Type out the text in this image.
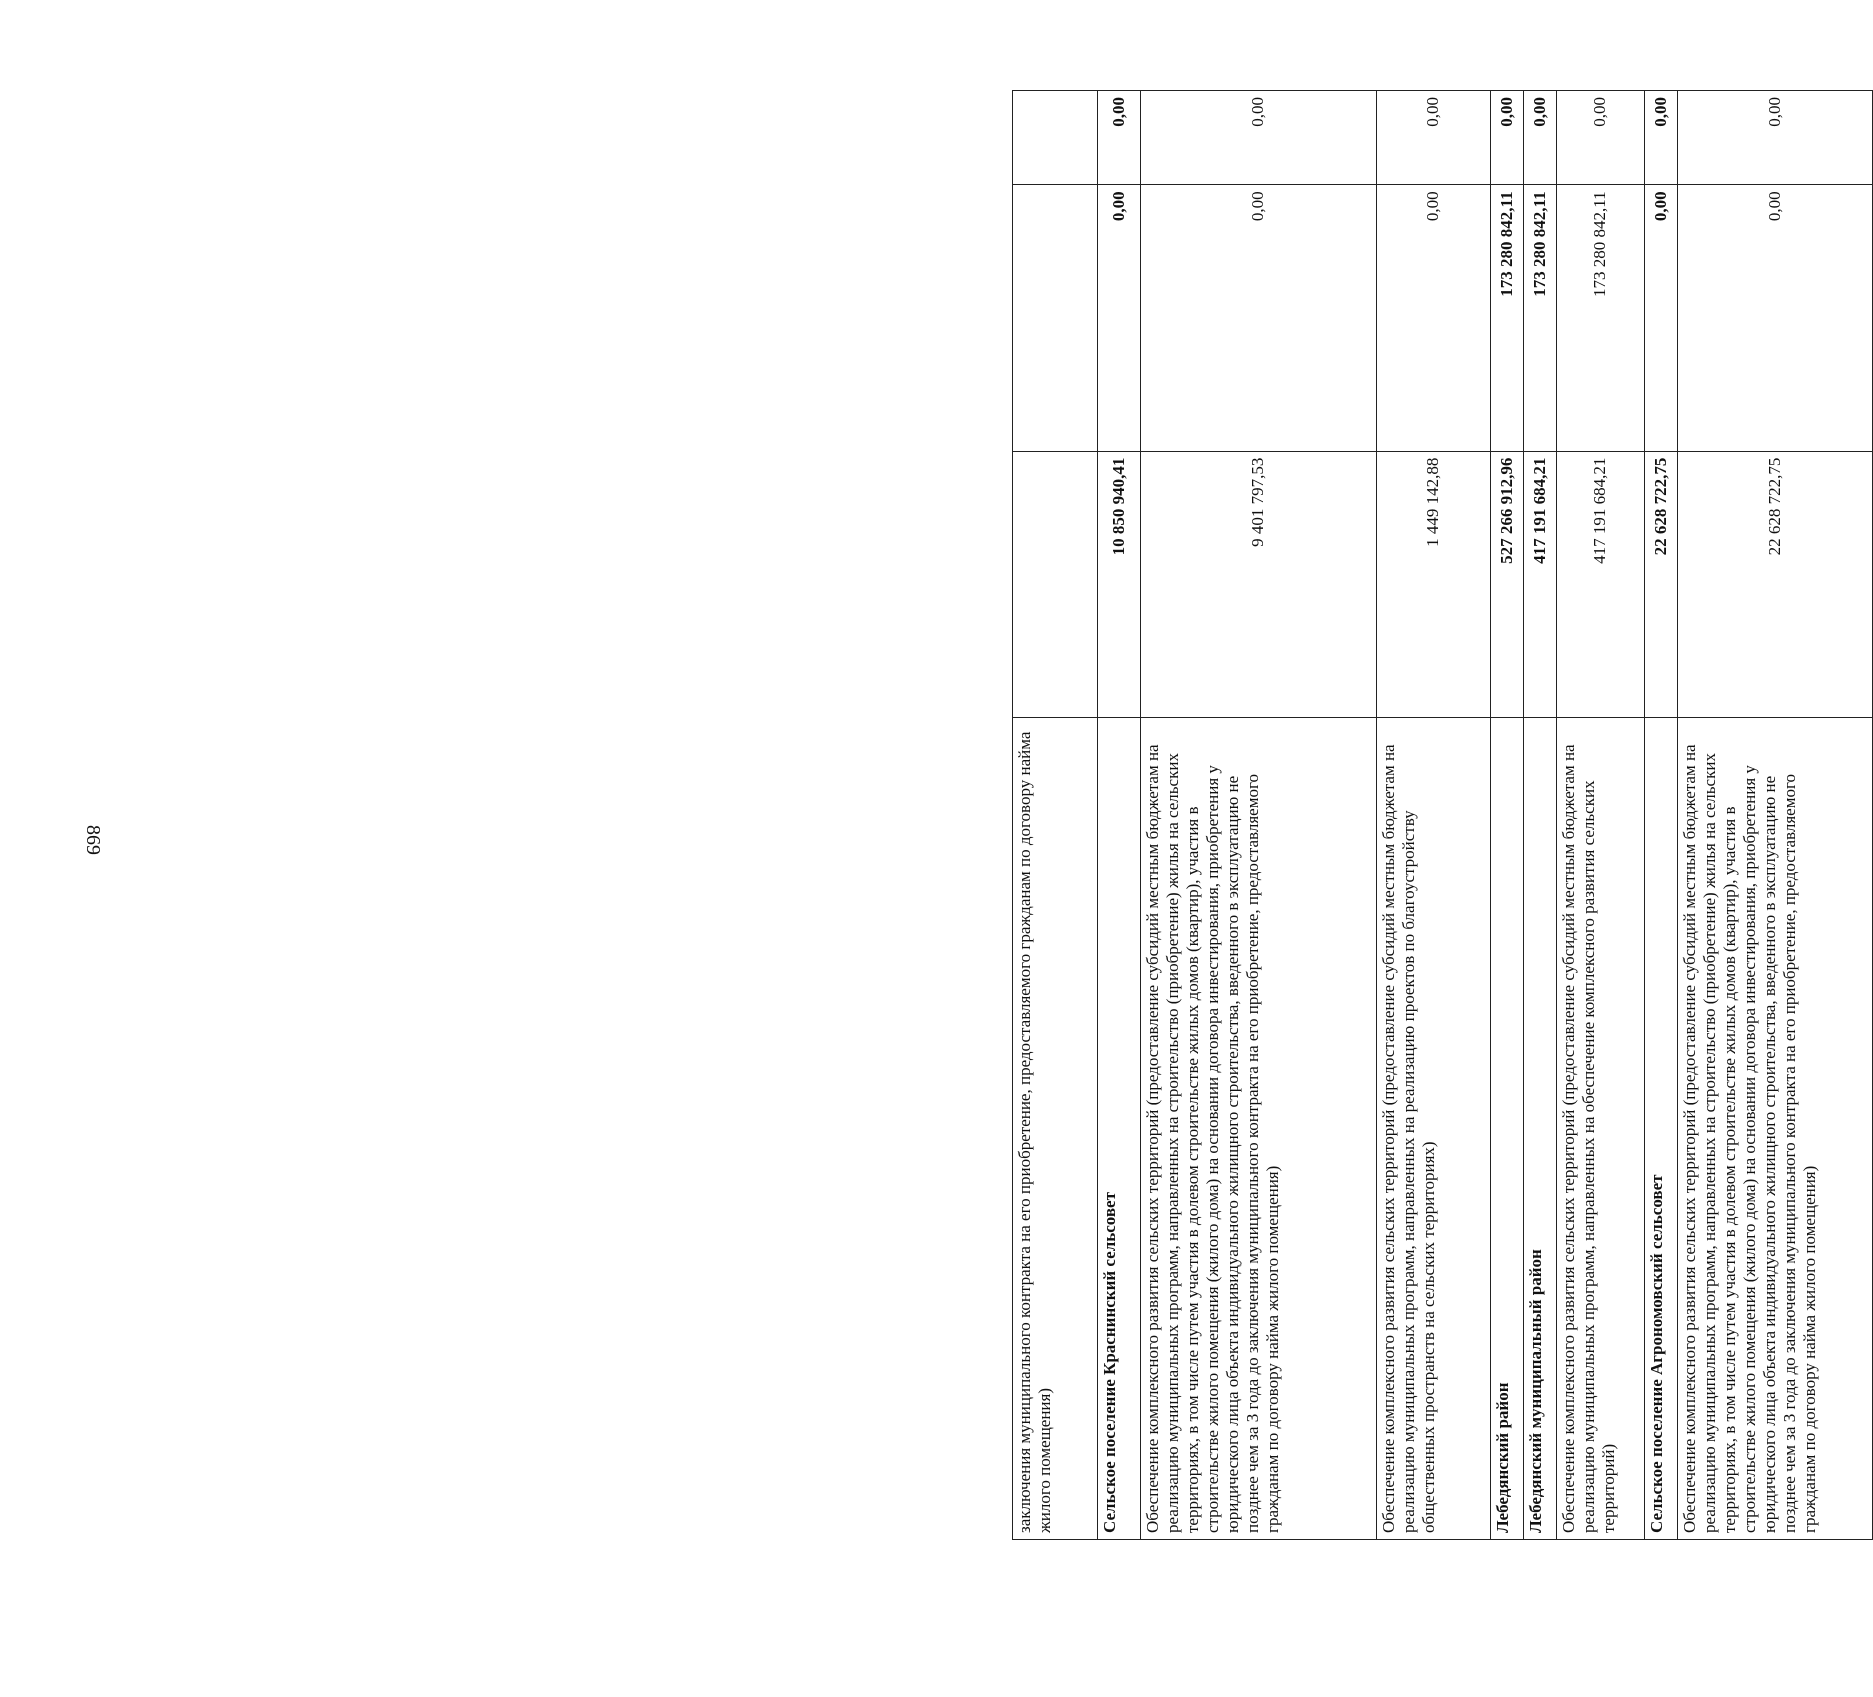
869	заключения муниципального контракта на его приобретение, предоставляемого гражданам по договору найма жилого помещения)			
Сельское поселение Краснинский сельсовет	10 850 940,41	0,00	0,00
Обеспечение комплексного развития сельских территорий (предоставление субсидий местным бюджетам на реализацию муниципальных программ, направленных на строительство (приобретение) жилья на сельских территориях, в том числе путем участия в долевом строительстве жилых домов (квартир), участия в строительстве жилого помещения (жилого дома) на основании договора инвестирования, приобретения у юридического лица объекта индивидуального жилищного строительства, введенного в эксплуатацию не позднее чем за 3 года до заключения муниципального контракта на его приобретение, предоставляемого гражданам по договору найма жилого помещения)	9 401 797,53	0,00	0,00
Обеспечение комплексного развития сельских территорий (предоставление субсидий местным бюджетам на реализацию муниципальных программ, направленных на реализацию проектов по благоустройству общественных пространств на сельских территориях)	1 449 142,88	0,00	0,00
Лебедянский район	527 266 912,96	173 280 842,11	0,00
Лебедянский муниципальный район	417 191 684,21	173 280 842,11	0,00
Обеспечение комплексного развития сельских территорий (предоставление субсидий местным бюджетам на реализацию муниципальных программ, направленных на обеспечение комплексного развития сельских территорий)	417 191 684,21	173 280 842,11	0,00
Сельское поселение Агрономовский сельсовет	22 628 722,75	0,00	0,00
Обеспечение комплексного развития сельских территорий (предоставление субсидий местным бюджетам на реализацию муниципальных программ, направленных на строительство (приобретение) жилья на сельских территориях, в том числе путем участия в долевом строительстве жилых домов (квартир), участия в строительстве жилого помещения (жилого дома) на основании договора инвестирования, приобретения у юридического лица объекта индивидуального жилищного строительства, введенного в эксплуатацию не позднее чем за 3 года до заключения муниципального контракта на его приобретение, предоставляемого гражданам по договору найма жилого помещения)	22 628 722,75	0,00	0,00
